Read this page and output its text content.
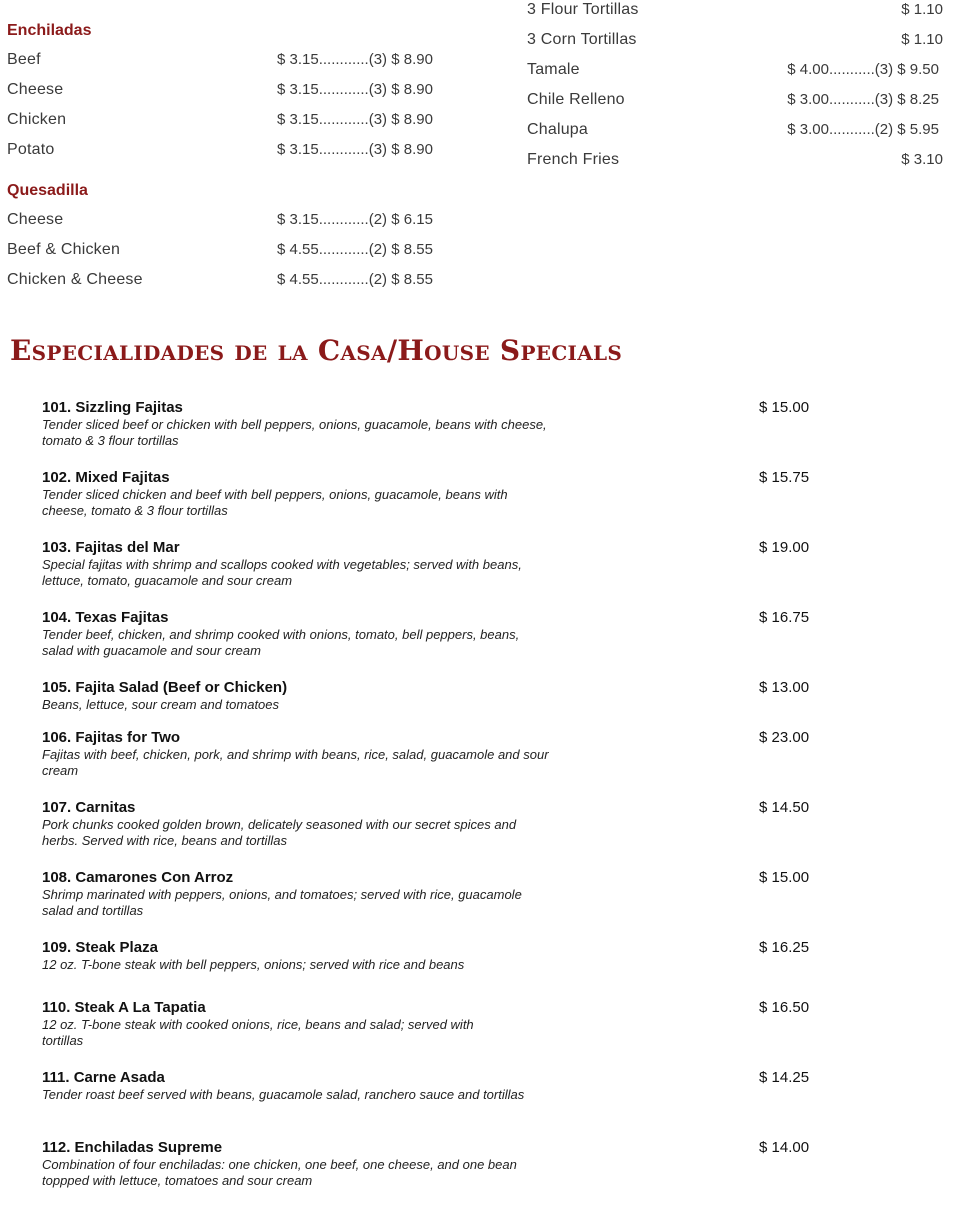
Enchiladas
Beef	$ 3.15............(3) $ 8.90
Cheese	$ 3.15............(3) $ 8.90
Chicken	$ 3.15............(3) $ 8.90
Potato	$ 3.15............(3) $ 8.90
Quesadilla
Cheese	$ 3.15............(2) $ 6.15
Beef & Chicken	$ 4.55............(2) $ 8.55
Chicken & Cheese	$ 4.55............(2) $ 8.55
3 Flour Tortillas	$ 1.10
3 Corn Tortillas	$ 1.10
Tamale	$ 4.00...........(3) $ 9.50
Chile Relleno	$ 3.00...........(3) $ 8.25
Chalupa	$ 3.00...........(2) $ 5.95
French Fries	$ 3.10
Especialidades de la Casa/House Specials
101. Sizzling Fajitas
Tender sliced beef or chicken with bell peppers, onions, guacamole, beans with cheese, tomato & 3 flour tortillas
$ 15.00
102. Mixed Fajitas
Tender sliced chicken and beef with bell peppers, onions, guacamole, beans with cheese, tomato & 3 flour tortillas
$ 15.75
103. Fajitas del Mar
Special fajitas with shrimp and scallops cooked with vegetables; served with beans, lettuce, tomato, guacamole and sour cream
$ 19.00
104. Texas Fajitas
Tender beef, chicken, and shrimp cooked with onions, tomato, bell peppers, beans, salad with guacamole and sour cream
$ 16.75
105. Fajita Salad (Beef or Chicken)
Beans, lettuce, sour cream and tomatoes
$ 13.00
106. Fajitas for Two
Fajitas with beef, chicken, pork, and shrimp with beans, rice, salad, guacamole and sour cream
$ 23.00
107. Carnitas
Pork chunks cooked golden brown, delicately seasoned with our secret spices and herbs. Served with rice, beans and tortillas
$ 14.50
108. Camarones Con Arroz
Shrimp marinated with peppers, onions, and tomatoes; served with rice, guacamole salad and tortillas
$ 15.00
109. Steak Plaza
12 oz. T-bone steak with bell peppers, onions; served with rice and beans
$ 16.25
110. Steak A La Tapatia
12 oz. T-bone steak with cooked onions, rice, beans and salad; served with tortillas
$ 16.50
111. Carne Asada
Tender roast beef served with beans, guacamole salad, ranchero sauce and tortillas
$ 14.25
112. Enchiladas Supreme
Combination of four enchiladas: one chicken, one beef, one cheese, and one bean toppped with lettuce, tomatoes and sour cream
$ 14.00
